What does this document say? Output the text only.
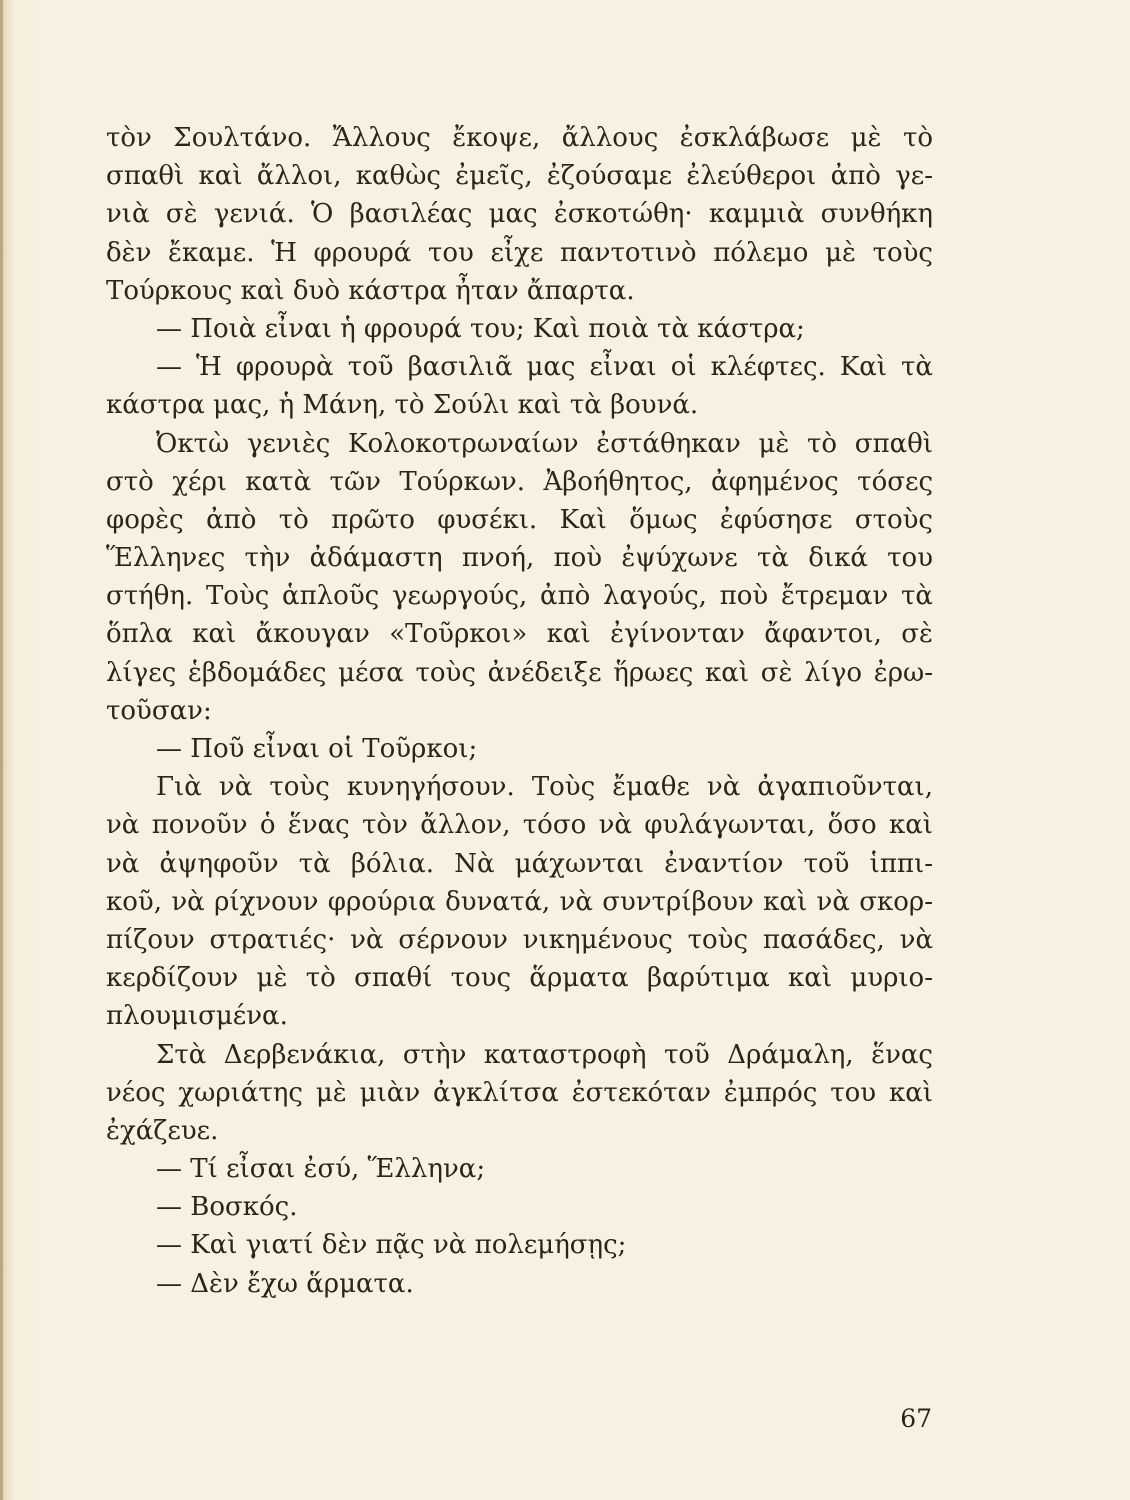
τὸν Σουλτάνο. Ἄλλους ἔκοψε, ἄλλους ἐσκλάβωσε μὲ τὸ
σπαθὶ καὶ ἄλλοι, καθὼς ἐμεῖς, ἐζούσαμε ἐλεύθεροι ἀπὸ γε-
νιὰ σὲ γενιά. Ὁ βασιλέας μας ἐσκοτώθη· καμμιὰ συνθήκη
δὲν ἔκαμε. Ἡ φρουρά του εἶχε παντοτινὸ πόλεμο μὲ τοὺς
Τούρκους καὶ δυὸ κάστρα ἦταν ἄπαρτα.
— Ποιὰ εἶναι ἡ φρουρά του; Καὶ ποιὰ τὰ κάστρα;
— Ἡ φρουρὰ τοῦ βασιλιᾶ μας εἶναι οἱ κλέφτες. Καὶ τὰ
κάστρα μας, ἡ Μάνη, τὸ Σούλι καὶ τὰ βουνά.
Ὀκτὼ γενιὲς Κολοκοτρωναίων ἐστάθηκαν μὲ τὸ σπαθὶ
στὸ χέρι κατὰ τῶν Τούρκων. Ἀβοήθητος, ἀφημένος τόσες
φορὲς ἀπὸ τὸ πρῶτο φυσέκι. Καὶ ὅμως ἐφύσησε στοὺς
Ἕλληνες τὴν ἀδάμαστη πνοή, ποὺ ἐψύχωνε τὰ δικά του
στήθη. Τοὺς ἁπλοῦς γεωργούς, ἀπὸ λαγούς, ποὺ ἔτρεμαν τὰ
ὅπλα καὶ ἄκουγαν «Τοῦρκοι» καὶ ἐγίνονταν ἄφαντοι, σὲ
λίγες ἑβδομάδες μέσα τοὺς ἀνέδειξε ἥρωες καὶ σὲ λίγο ἐρω-
τοῦσαν:
— Ποῦ εἶναι οἱ Τοῦρκοι;
Γιὰ νὰ τοὺς κυνηγήσουν. Τοὺς ἔμαθε νὰ ἀγαπιοῦνται,
νὰ πονοῦν ὁ ἕνας τὸν ἄλλον, τόσο νὰ φυλάγωνται, ὅσο καὶ
νὰ ἀψηφοῦν τὰ βόλια. Νὰ μάχωνται ἐναντίον τοῦ ἱππι-
κοῦ, νὰ ρίχνουν φρούρια δυνατά, νὰ συντρίβουν καὶ νὰ σκορ-
πίζουν στρατιές· νὰ σέρνουν νικημένους τοὺς πασάδες, νὰ
κερδίζουν μὲ τὸ σπαθί τους ἅρματα βαρύτιμα καὶ μυριο-
πλουμισμένα.
Στὰ Δερβενάκια, στὴν καταστροφὴ τοῦ Δράμαλη, ἕνας
νέος χωριάτης μὲ μιὰν ἀγκλίτσα ἐστεκόταν ἐμπρός του καὶ
ἐχάζευε.
— Τί εἶσαι ἐσύ, Ἕλληνα;
— Βοσκός.
— Καὶ γιατί δὲν πᾷς νὰ πολεμήσῃς;
— Δὲν ἔχω ἅρματα.
67
